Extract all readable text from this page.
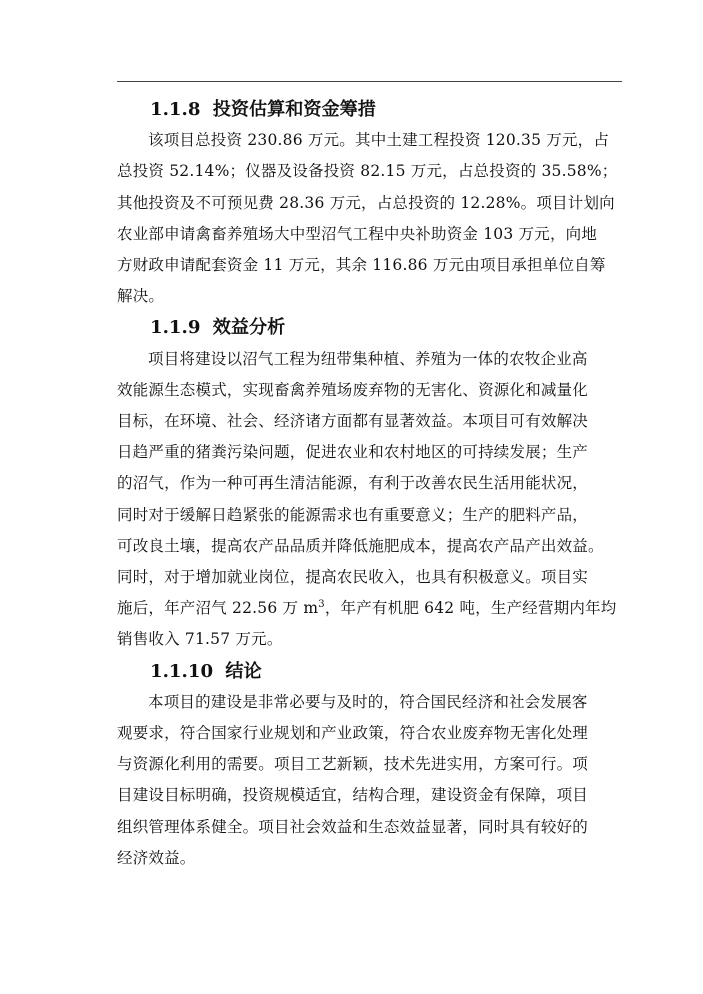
1.1.8 投资估算和资金筹措

该项目总投资 230.86 万元。其中土建工程投资 120.35 万元，占
总投资 52.14%；仪器及设备投资 82.15 万元，占总投资的 35.58%；
其他投资及不可预见费 28.36 万元，占总投资的 12.28%。项目计划向
农业部申请禽畜养殖场大中型沼气工程中央补助资金 103 万元，向地
方财政申请配套资金 11 万元，其余 116.86 万元由项目承担单位自筹
解决。

1.1.9 效益分析

项目将建设以沼气工程为纽带集种植、养殖为一体的农牧企业高
效能源生态模式，实现畜禽养殖场废弃物的无害化、资源化和减量化
目标，在环境、社会、经济诸方面都有显著效益。本项目可有效解决
日趋严重的猪粪污染问题，促进农业和农村地区的可持续发展；生产
的沼气，作为一种可再生清洁能源，有利于改善农民生活用能状况，
同时对于缓解日趋紧张的能源需求也有重要意义；生产的肥料产品，
可改良土壤，提高农产品品质并降低施肥成本，提高农产品产出效益。
同时，对于增加就业岗位，提高农民收入，也具有积极意义。项目实
施后，年产沼气 22.56 万 $m^3$，年产有机肥 642 吨，生产经营期内年均
销售收入 71.57 万元。

1.1.10 结论

本项目的建设是非常必要与及时的，符合国民经济和社会发展客
观要求，符合国家行业规划和产业政策，符合农业废弃物无害化处理
与资源化利用的需要。项目工艺新颖，技术先进实用，方案可行。项
目建设目标明确，投资规模适宜，结构合理，建设资金有保障，项目
组织管理体系健全。项目社会效益和生态效益显著，同时具有较好的
经济效益。
